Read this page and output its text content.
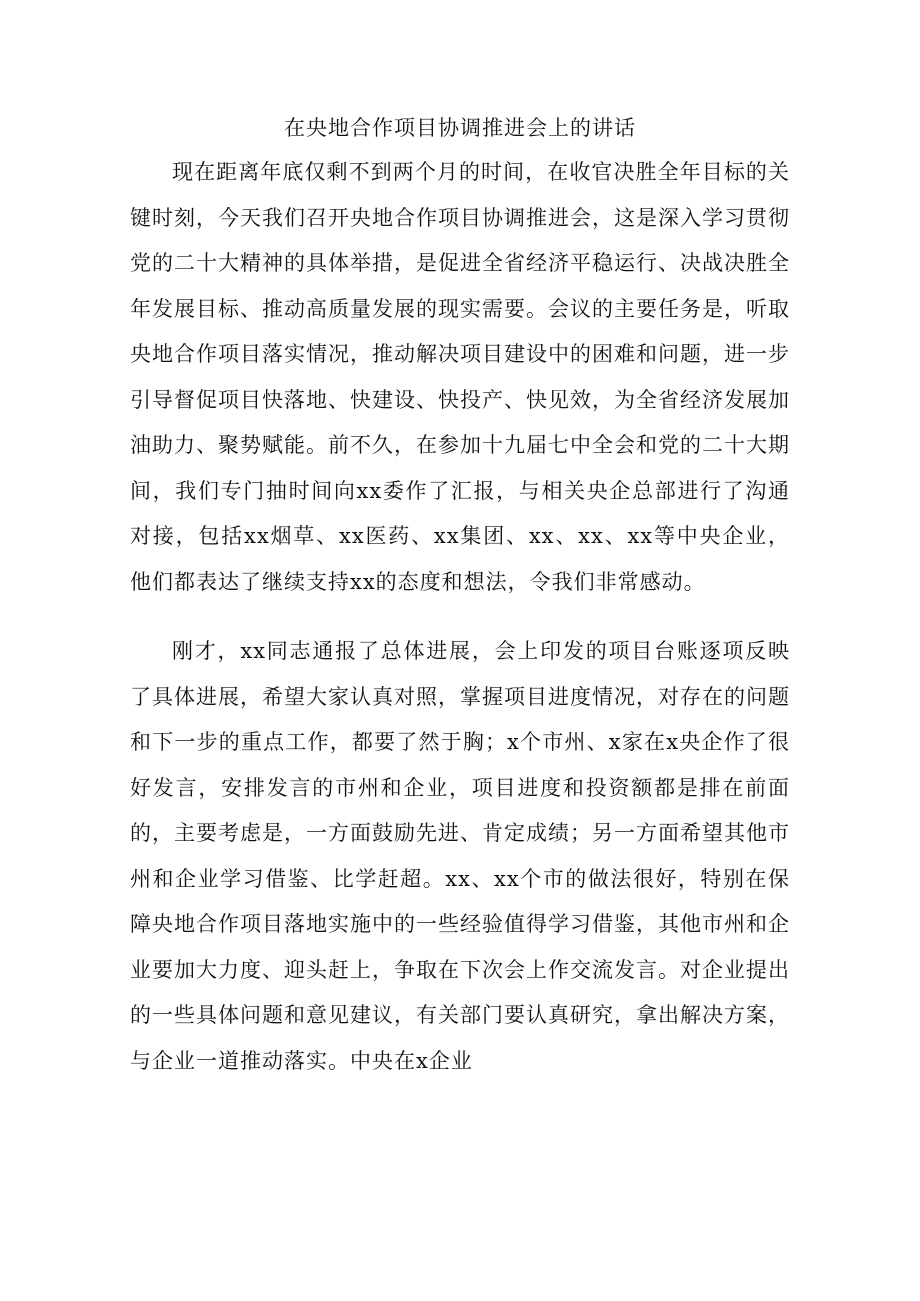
在央地合作项目协调推进会上的讲话

现在距离年底仅剩不到两个月的时间，在收官决胜全年目标的关键时刻，今天我们召开央地合作项目协调推进会，这是深入学习贯彻党的二十大精神的具体举措，是促进全省经济平稳运行、决战决胜全年发展目标、推动高质量发展的现实需要。会议的主要任务是，听取央地合作项目落实情况，推动解决项目建设中的困难和问题，进一步引导督促项目快落地、快建设、快投产、快见效，为全省经济发展加油助力、聚势赋能。前不久，在参加十九届七中全会和党的二十大期间，我们专门抽时间向xx委作了汇报，与相关央企总部进行了沟通对接，包括xx烟草、xx医药、xx集团、xx、xx、xx等中央企业，他们都表达了继续支持xx的态度和想法，令我们非常感动。

刚才，xx同志通报了总体进展，会上印发的项目台账逐项反映了具体进展，希望大家认真对照，掌握项目进度情况，对存在的问题和下一步的重点工作，都要了然于胸；x个市州、x家在x央企作了很好发言，安排发言的市州和企业，项目进度和投资额都是排在前面的，主要考虑是，一方面鼓励先进、肯定成绩；另一方面希望其他市州和企业学习借鉴、比学赶超。xx、xx个市的做法很好，特别在保障央地合作项目落地实施中的一些经验值得学习借鉴，其他市州和企业要加大力度、迎头赶上，争取在下次会上作交流发言。对企业提出的一些具体问题和意见建议，有关部门要认真研究，拿出解决方案，与企业一道推动落实。中央在x企业
